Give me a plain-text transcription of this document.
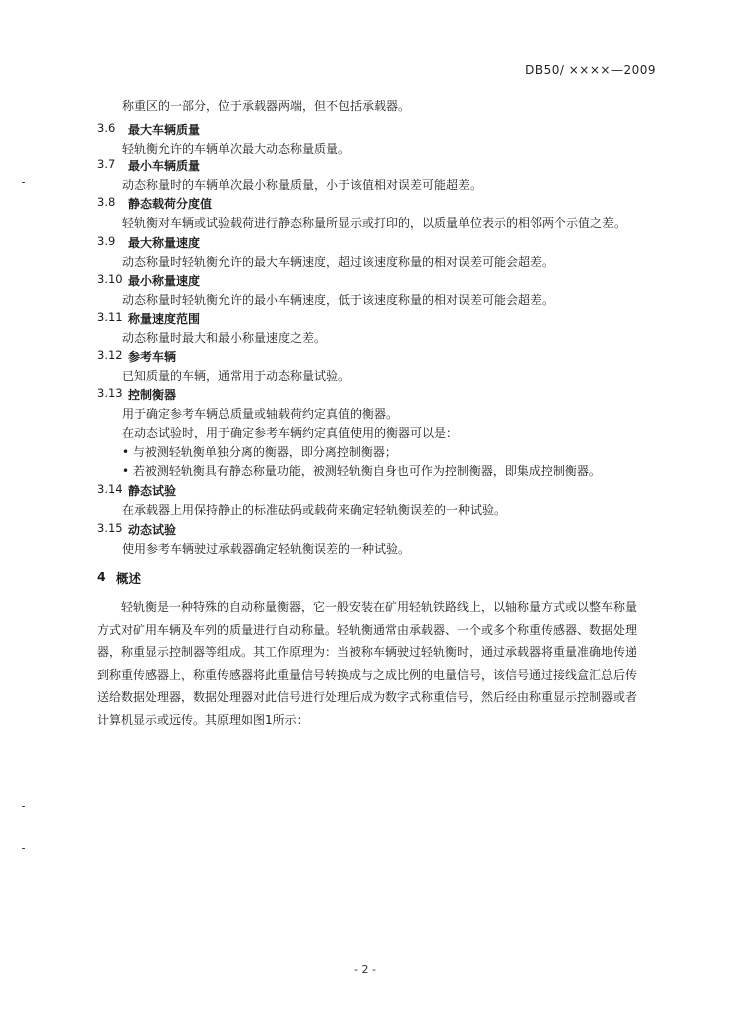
DB50/ ××××—2009
称重区的一部分，位于承载器两端，但不包括承载器。
3.6 最大车辆质量
轻轨衡允许的车辆单次最大动态称量质量。
3.7 最小车辆质量
动态称量时的车辆单次最小称量质量，小于该值相对误差可能超差。
3.8 静态载荷分度值
轻轨衡对车辆或试验载荷进行静态称量所显示或打印的，以质量单位表示的相邻两个示值之差。
3.9 最大称量速度
动态称量时轻轨衡允许的最大车辆速度，超过该速度称量的相对误差可能会超差。
3.10 最小称量速度
动态称量时轻轨衡允许的最小车辆速度，低于该速度称量的相对误差可能会超差。
3.11 称量速度范围
动态称量时最大和最小称量速度之差。
3.12 参考车辆
已知质量的车辆，通常用于动态称量试验。
3.13 控制衡器
用于确定参考车辆总质量或轴载荷约定真值的衡器。
在动态试验时，用于确定参考车辆约定真值使用的衡器可以是：
• 与被测轻轨衡单独分离的衡器，即分离控制衡器；
• 若被测轻轨衡具有静态称量功能，被测轻轨衡自身也可作为控制衡器，即集成控制衡器。
3.14 静态试验
在承载器上用保持静止的标准砝码或载荷来确定轻轨衡误差的一种试验。
3.15 动态试验
使用参考车辆驶过承载器确定轻轨衡误差的一种试验。
4 概述
轻轨衡是一种特殊的自动称量衡器，它一般安装在矿用轻轨铁路线上，以轴称量方式或以整车称量
方式对矿用车辆及车列的质量进行自动称量。轻轨衡通常由承载器、一个或多个称重传感器、数据处理
器，称重显示控制器等组成。其工作原理为：当被称车辆驶过轻轨衡时，通过承载器将重量准确地传递
到称重传感器上，称重传感器将此重量信号转换成与之成比例的电量信号，该信号通过接线盒汇总后传
送给数据处理器，数据处理器对此信号进行处理后成为数字式称重信号，然后经由称重显示控制器或者
计算机显示或远传。其原理如图1所示：
- 2 -
